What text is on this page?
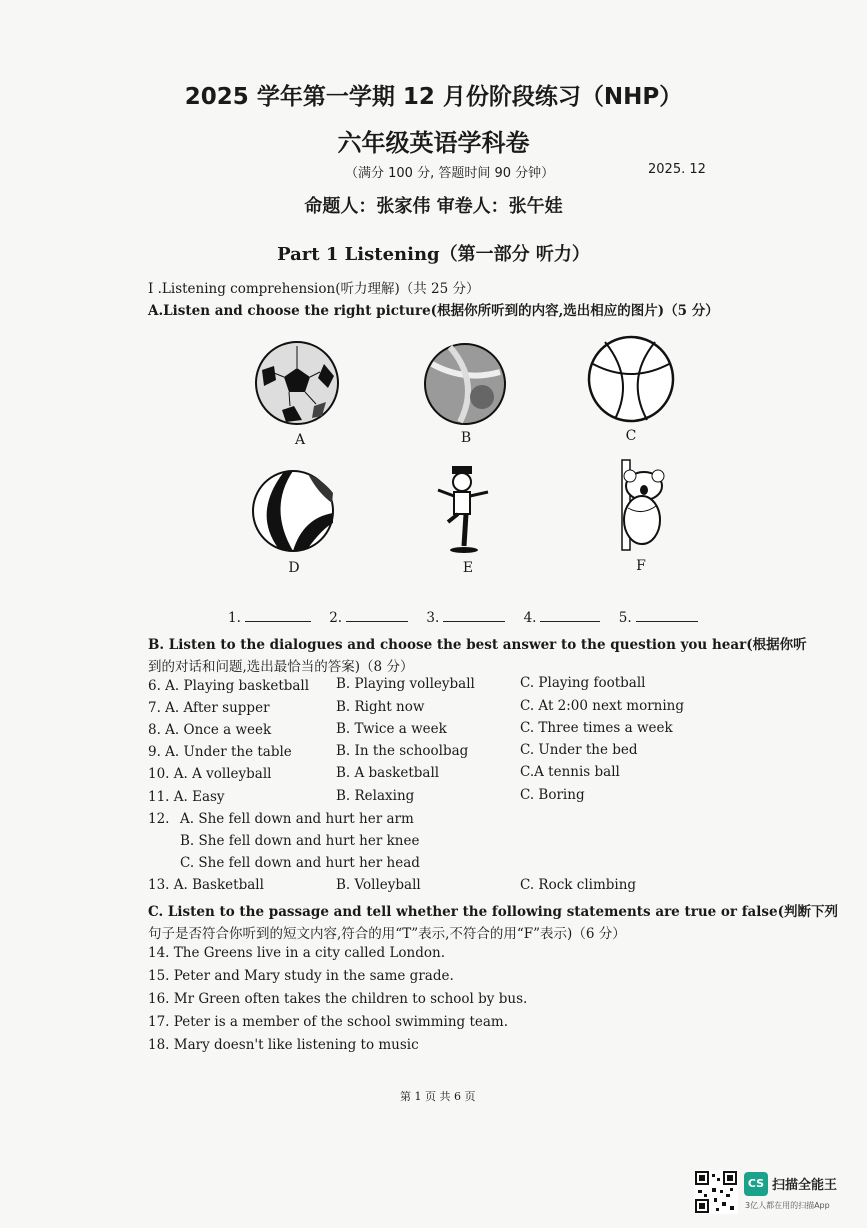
2025 学年第一学期 12 月份阶段练习（NHP）
六年级英语学科卷
（满分 100 分, 答题时间 90 分钟）	2025. 12
命题人：张家伟 审卷人：张午娃
Part 1 Listening（第一部分 听力）
I .Listening comprehension(听力理解)（共 25 分）
A.Listen and choose the right picture(根据你所听到的内容,选出相应的图片)（5 分）
A	B	C
D	E	F
1.	2.	3.	4.	5.
B. Listen to the dialogues and choose the best answer to the question you hear(根据你听
到的对话和问题,选出最恰当的答案)（8 分）
6. A. Playing basketball B. Playing volleyball	C. Playing football
7. A. After supper	B. Right now	C. At 2:00 next morning
8. A. Once a week	B. Twice a week	C. Three times a week
9. A. Under the table	B. In the schoolbag	C. Under the bed
10. A. A volleyball	B. A basketball	C.A tennis ball
11. A. Easy	B. Relaxing	C. Boring
12. A. She fell down and hurt her arm
B. She fell down and hurt her knee
C. She fell down and hurt her head
13. A. Basketball	B. Volleyball	C. Rock climbing
C. Listen to the passage and tell whether the following statements are true or false(判断下列
句子是否符合你听到的短文内容,符合的用“T”表示,不符合的用“F”表示)（6 分）
14. The Greens live in a city called London.
15. Peter and Mary study in the same grade.
16. Mr Green often takes the children to school by bus.
17. Peter is a member of the school swimming team.
18. Mary doesn't like listening to music
第 1 页 共 6 页
CS 扫描全能王
3亿人都在用的扫描App
